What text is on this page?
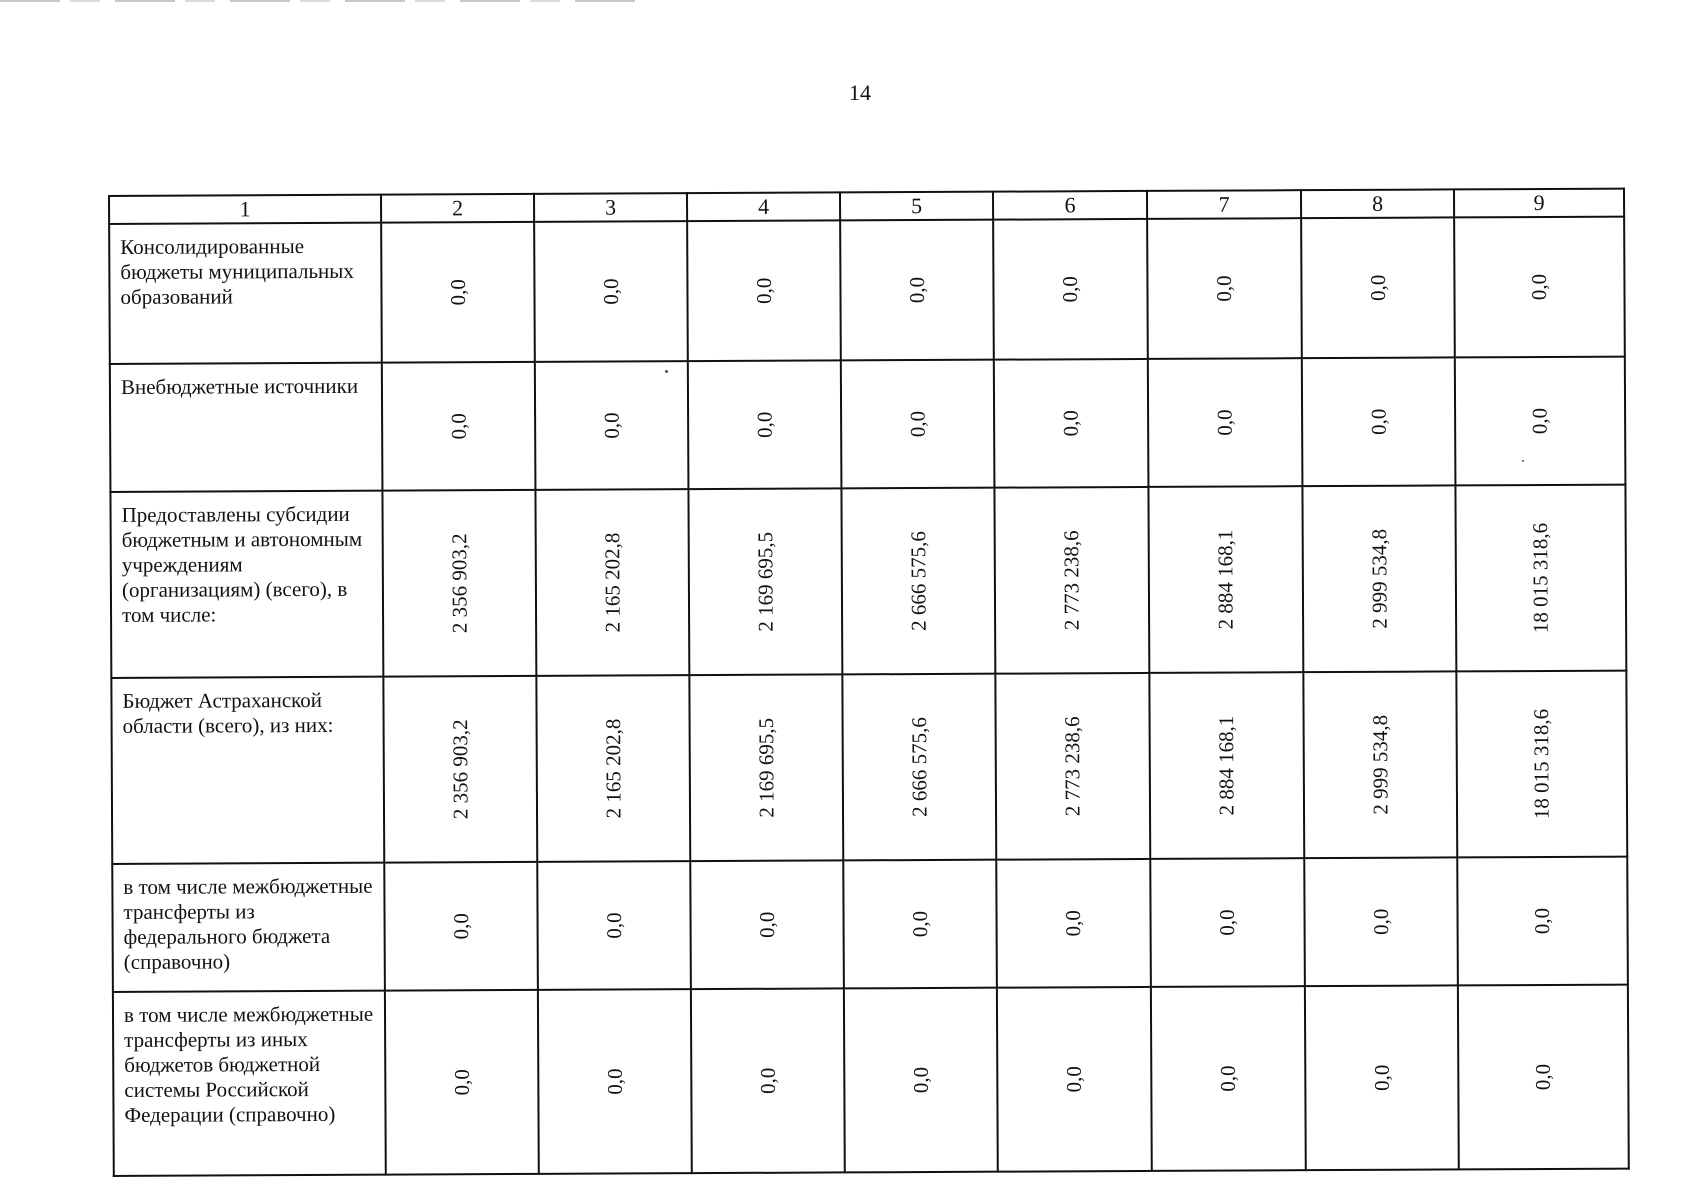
14
1	2	3	4	5	6	7	8	9
Консолидированные бюджеты муниципальных образований	0,0	0,0	0,0	0,0	0,0	0,0	0,0	0,0

Внебюджетные источники	0,0	0,0	0,0	0,0	0,0	0,0	0,0	0,0

Предоставлены субсидии бюджетным и автономным учреждениям (организациям) (всего), в том числе:	2 356 903,2	2 165 202,8	2 169 695,5	2 666 575,6	2 773 238,6	2 884 168,1	2 999 534,8	18 015 318,6

Бюджет Астраханской области (всего), из них:	2 356 903,2	2 165 202,8	2 169 695,5	2 666 575,6	2 773 238,6	2 884 168,1	2 999 534,8	18 015 318,6

в том числе межбюджетные трансферты из федерального бюджета (справочно)	0,0	0,0	0,0	0,0	0,0	0,0	0,0	0,0

в том числе межбюджетные трансферты из иных бюджетов бюджетной системы Российской Федерации (справочно)	0,0	0,0	0,0	0,0	0,0	0,0	0,0	0,0
